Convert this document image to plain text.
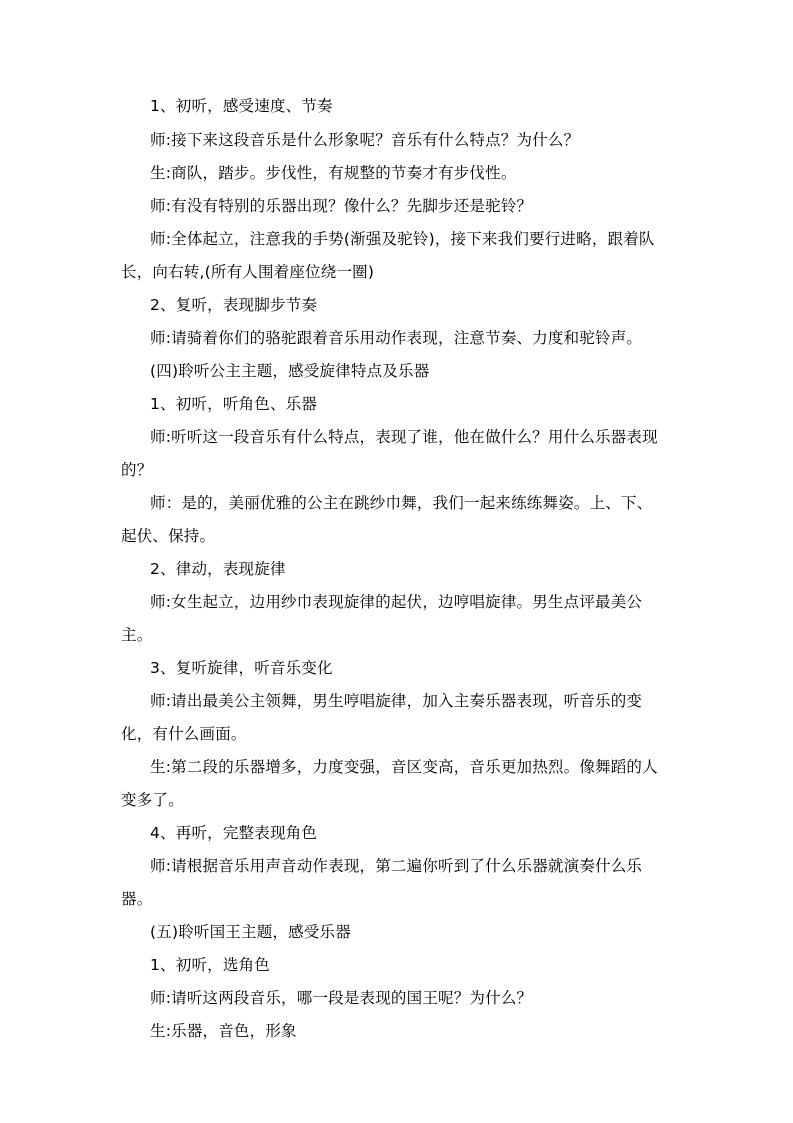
1、初听，感受速度、节奏
师:接下来这段音乐是什么形象呢？音乐有什么特点？为什么？
生:商队，踏步。步伐性，有规整的节奏才有步伐性。
师:有没有特别的乐器出现？像什么？先脚步还是驼铃？
师:全体起立，注意我的手势(渐强及驼铃)，接下来我们要行进略，跟着队
长，向右转,(所有人围着座位绕一圈)
2、复听，表现脚步节奏
师:请骑着你们的骆驼跟着音乐用动作表现，注意节奏、力度和驼铃声。
(四)聆听公主主题，感受旋律特点及乐器
1、初听，听角色、乐器
师:听听这一段音乐有什么特点，表现了谁，他在做什么？用什么乐器表现
的？
师：是的，美丽优雅的公主在跳纱巾舞，我们一起来练练舞姿。上、下、
起伏、保持。
2、律动，表现旋律
师:女生起立，边用纱巾表现旋律的起伏，边哼唱旋律。男生点评最美公
主。
3、复听旋律，听音乐变化
师:请出最美公主领舞，男生哼唱旋律，加入主奏乐器表现，听音乐的变
化，有什么画面。
生:第二段的乐器增多，力度变强，音区变高，音乐更加热烈。像舞蹈的人
变多了。
4、再听，完整表现角色
师:请根据音乐用声音动作表现，第二遍你听到了什么乐器就演奏什么乐
器。
(五)聆听国王主题，感受乐器
1、初听，选角色
师:请听这两段音乐，哪一段是表现的国王呢？为什么？
生:乐器，音色，形象
